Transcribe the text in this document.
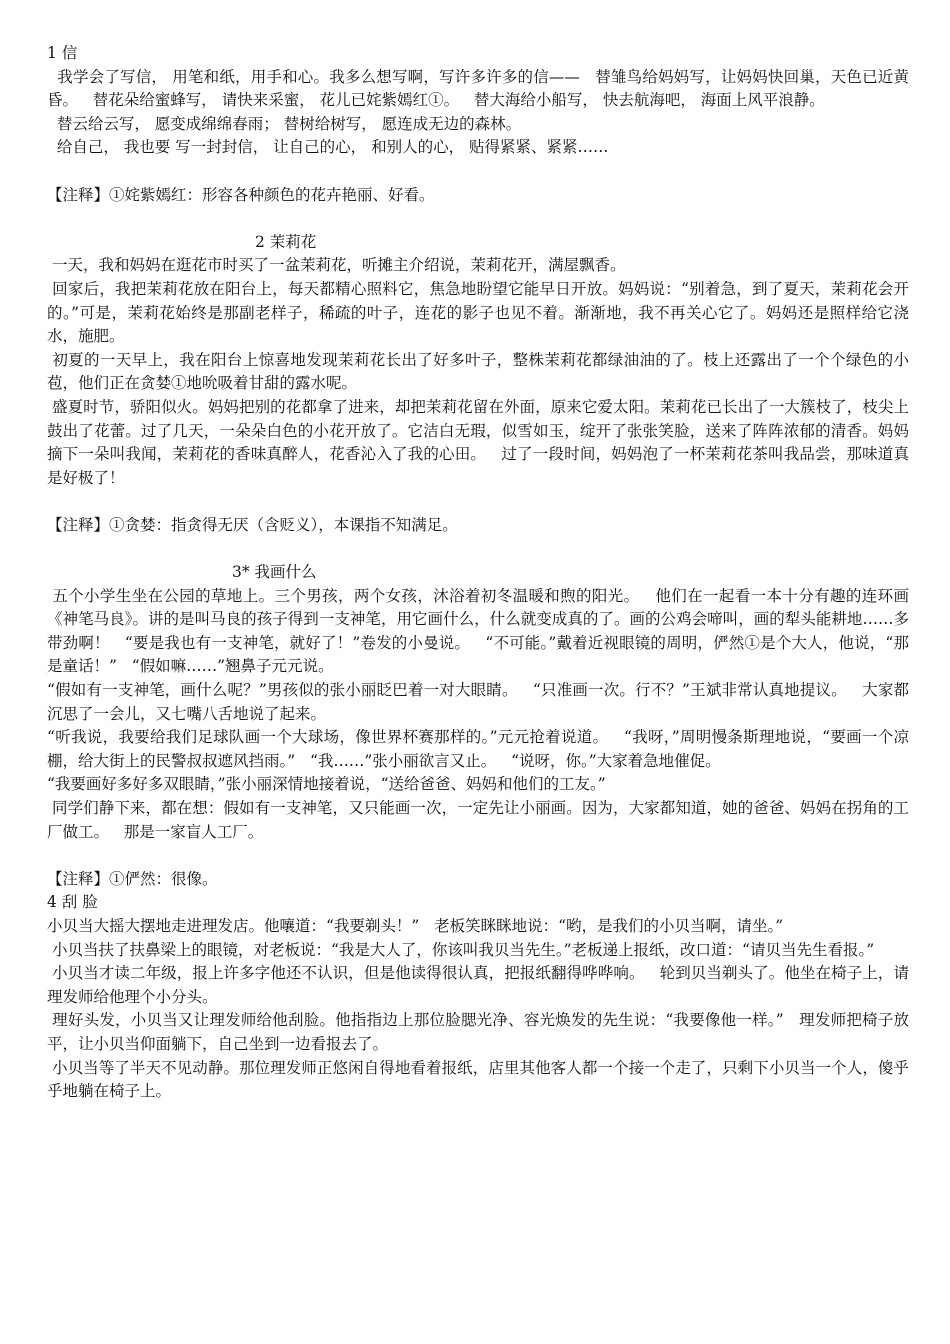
1 信

我学会了写信， 用笔和纸，用手和心。我多么想写啊，写许多许多的信——   替雏鸟给妈妈写，让妈妈快回巢，天色已近黄昏。   替花朵给蜜蜂写， 请快来采蜜， 花儿已姹紫嫣红①。   替大海给小船写， 快去航海吧， 海面上风平浪静。

替云给云写， 愿变成绵绵春雨； 替树给树写， 愿连成无边的森林。

给自己， 我也要 写一封封信， 让自己的心， 和别人的心， 贴得紧紧、紧紧……

【注释】①姹紫嫣红：形容各种颜色的花卉艳丽、好看。

2 茉莉花

一天，我和妈妈在逛花市时买了一盆茉莉花，听摊主介绍说，茉莉花开，满屋飘香。

回家后，我把茉莉花放在阳台上，每天都精心照料它，焦急地盼望它能早日开放。妈妈说：“别着急，到了夏天，茉莉花会开的。”可是，茉莉花始终是那副老样子，稀疏的叶子，连花的影子也见不着。渐渐地，我不再关心它了。妈妈还是照样给它浇水，施肥。

初夏的一天早上，我在阳台上惊喜地发现茉莉花长出了好多叶子，整株茉莉花都绿油油的了。枝上还露出了一个个绿色的小苞，他们正在贪婪①地吮吸着甘甜的露水呢。

盛夏时节，骄阳似火。妈妈把别的花都拿了进来，却把茉莉花留在外面，原来它爱太阳。茉莉花已长出了一大簇枝了，枝尖上鼓出了花蕾。过了几天，一朵朵白色的小花开放了。它洁白无瑕，似雪如玉，绽开了张张笑脸，送来了阵阵浓郁的清香。妈妈摘下一朵叫我闻，茉莉花的香味真醉人，花香沁入了我的心田。   过了一段时间，妈妈泡了一杯茉莉花茶叫我品尝，那味道真是好极了！

【注释】①贪婪：指贪得无厌（含贬义），本课指不知满足。

3* 我画什么

五个小学生坐在公园的草地上。三个男孩，两个女孩，沐浴着初冬温暖和煦的阳光。   他们在一起看一本十分有趣的连环画《神笔马良》。讲的是叫马良的孩子得到一支神笔，用它画什么，什么就变成真的了。画的公鸡会啼叫，画的犁头能耕地……多带劲啊！   “要是我也有一支神笔，就好了！”卷发的小曼说。   “不可能。”戴着近视眼镜的周明，俨然①是个大人，他说，“那是童话！”   “假如嘛……”翘鼻子元元说。

“假如有一支神笔，画什么呢？”男孩似的张小丽眨巴着一对大眼睛。   “只准画一次。行不？”王斌非常认真地提议。   大家都沉思了一会儿，又七嘴八舌地说了起来。

“听我说，我要给我们足球队画一个大球场，像世界杯赛那样的。”元元抢着说道。   “我呀，”周明慢条斯理地说，“要画一个凉棚，给大街上的民警叔叔遮风挡雨。”   “我……”张小丽欲言又止。   “说呀，你。”大家着急地催促。

“我要画好多好多双眼睛，”张小丽深情地接着说，“送给爸爸、妈妈和他们的工友。”

同学们静下来，都在想：假如有一支神笔，又只能画一次，一定先让小丽画。因为，大家都知道，她的爸爸、妈妈在拐角的工厂做工。   那是一家盲人工厂。

【注释】①俨然：很像。

4 刮 脸

小贝当大摇大摆地走进理发店。他嚷道：“我要剃头！”   老板笑眯眯地说：“哟，是我们的小贝当啊，请坐。”

小贝当扶了扶鼻梁上的眼镜，对老板说：“我是大人了，你该叫我贝当先生。”老板递上报纸，改口道：“请贝当先生看报。”

小贝当才读二年级，报上许多字他还不认识，但是他读得很认真，把报纸翻得哗哗响。   轮到贝当剃头了。他坐在椅子上，请理发师给他理个小分头。

理好头发，小贝当又让理发师给他刮脸。他指指边上那位脸腮光净、容光焕发的先生说：“我要像他一样。”   理发师把椅子放平，让小贝当仰面躺下，自己坐到一边看报去了。

小贝当等了半天不见动静。那位理发师正悠闲自得地看着报纸，店里其他客人都一个接一个走了，只剩下小贝当一个人，傻乎乎地躺在椅子上。
